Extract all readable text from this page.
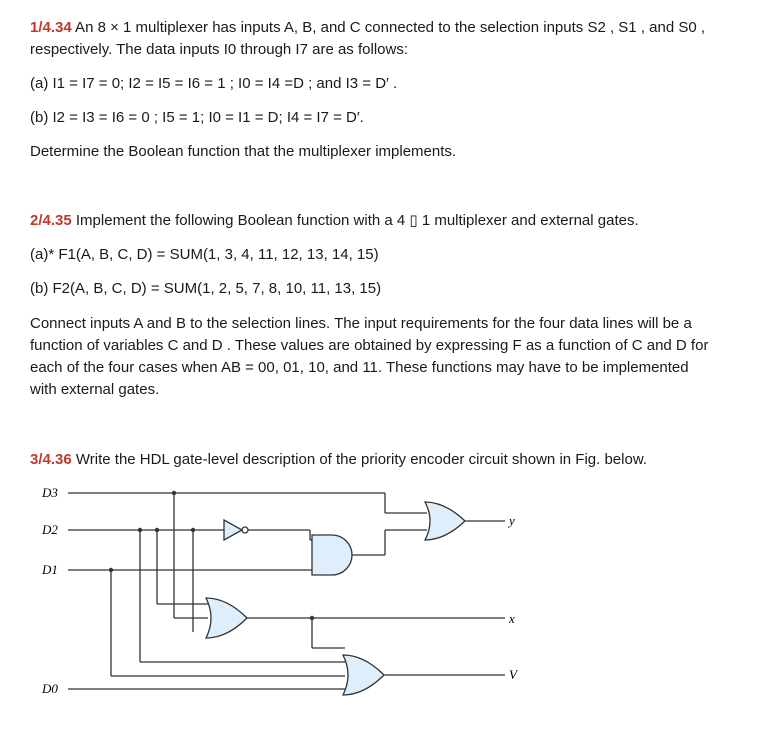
1/4.34 An 8 × 1 multiplexer has inputs A, B, and C connected to the selection inputs S2 , S1 , and S0 ,
respectively. The data inputs I0 through I7 are as follows:
(a) I1 = I7 = 0; I2 = I5 = I6 = 1 ; I0 = I4 =D ; and I3 = D′ .
(b) I2 = I3 = I6 = 0 ; I5 = 1; I0 = I1 = D; I4 = I7 = D′.
Determine the Boolean function that the multiplexer implements.
2/4.35 Implement the following Boolean function with a 4 ▯ 1 multiplexer and external gates.
(a)* F1(A, B, C, D) = SUM(1, 3, 4, 11, 12, 13, 14, 15)
(b) F2(A, B, C, D) = SUM(1, 2, 5, 7, 8, 10, 11, 13, 15)
Connect inputs A and B to the selection lines. The input requirements for the four data lines will be a
function of variables C and D . These values are obtained by expressing F as a function of C and D for
each of the four cases when AB = 00, 01, 10, and 11. These functions may have to be implemented
with external gates.
3/4.36 Write the HDL gate-level description of the priority encoder circuit shown in Fig. below.
D3
D2
D1
D0
y
x
V
